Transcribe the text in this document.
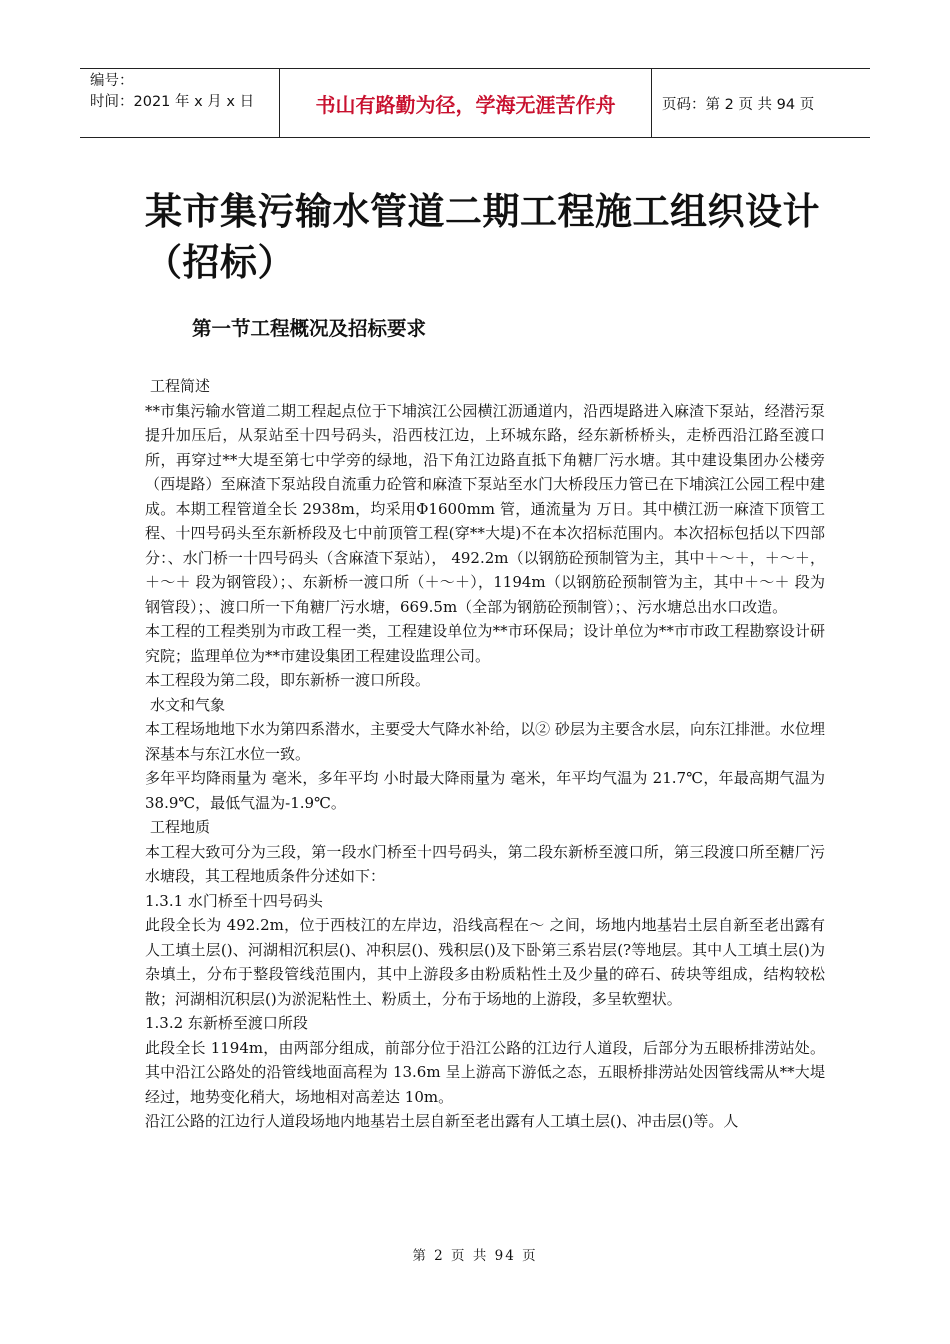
编号：
时间：2021 年 x 月 x 日	书山有路勤为径，学海无涯苦作舟	页码：第 2 页 共 94 页
某市集污输水管道二期工程施工组织设计（招标）
第一节工程概况及招标要求

工程简述

**市集污输水管道二期工程起点位于下埔滨江公园横江沥通道内，沿西堤路进入麻渣下泵站，经潜污泵提升加压后，从泵站至十四号码头，沿西枝江边，上环城东路，经东新桥桥头，走桥西沿江路至渡口所，再穿过**大堤至第七中学旁的绿地，沿下角江边路直抵下角糖厂污水塘。其中建设集团办公楼旁（西堤路）至麻渣下泵站段自流重力砼管和麻渣下泵站至水门大桥段压力管已在下埔滨江公园工程中建成。本期工程管道全长 2938m，均采用Φ1600mm 管，通流量为 万日。其中横江沥一麻渣下顶管工程、十四号码头至东新桥段及七中前顶管工程(穿**大堤)不在本次招标范围内。本次招标包括以下四部分：、水门桥一十四号码头（含麻渣下泵站）， 492.2m（以钢筋砼预制管为主，其中＋～＋，＋～＋，＋～＋ 段为钢管段）；、东新桥一渡口所（＋～＋），1194m（以钢筋砼预制管为主，其中＋～＋ 段为钢管段）；、渡口所一下角糖厂污水塘，669.5m（全部为钢筋砼预制管）；、污水塘总出水口改造。

本工程的工程类别为市政工程一类，工程建设单位为**市环保局；设计单位为**市市政工程勘察设计研究院；监理单位为**市建设集团工程建设监理公司。

本工程段为第二段，即东新桥一渡口所段。

水文和气象

本工程场地地下水为第四系潜水，主要受大气降水补给，以② 砂层为主要含水层，向东江排泄。水位埋深基本与东江水位一致。

多年平均降雨量为 毫米，多年平均 小时最大降雨量为 毫米，年平均气温为 21.7℃，年最高期气温为 38.9℃，最低气温为-1.9℃。

工程地质

本工程大致可分为三段，第一段水门桥至十四号码头，第二段东新桥至渡口所，第三段渡口所至糖厂污水塘段，其工程地质条件分述如下：

1.3.1 水门桥至十四号码头

此段全长为 492.2m，位于西枝江的左岸边，沿线高程在～ 之间，场地内地基岩土层自新至老出露有人工填土层()、河湖相沉积层()、冲积层()、残积层()及下卧第三系岩层(?等地层。其中人工填土层()为杂填土，分布于整段管线范围内，其中上游段多由粉质粘性土及少量的碎石、砖块等组成，结构较松散；河湖相沉积层()为淤泥粘性土、粉质土，分布于场地的上游段，多呈软塑状。

1.3.2 东新桥至渡口所段

此段全长 1194m，由两部分组成，前部分位于沿江公路的江边行人道段，后部分为五眼桥排涝站处。其中沿江公路处的沿管线地面高程为 13.6m 呈上游高下游低之态，五眼桥排涝站处因管线需从**大堤经过，地势变化稍大，场地相对高差达 10m。

沿江公路的江边行人道段场地内地基岩土层自新至老出露有人工填土层()、冲击层()等。人

第 2 页 共 94 页
